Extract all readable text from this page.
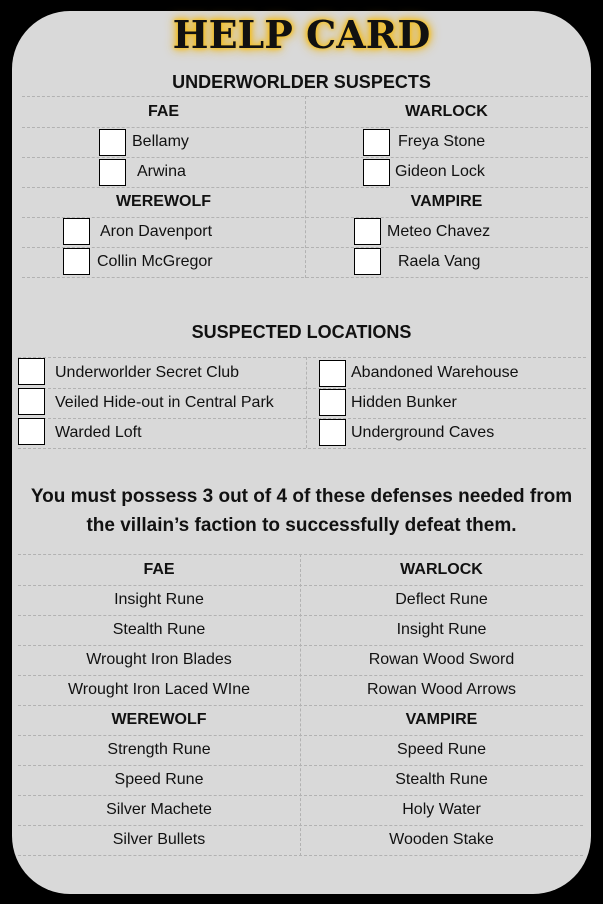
HELP CARD
UNDERWORLDER SUSPECTS
FAE	WARLOCK
Bellamy	Freya Stone
Arwina	Gideon Lock
WEREWOLF	VAMPIRE
Aron Davenport	Meteo Chavez
Collin McGregor	Raela Vang
SUSPECTED LOCATIONS
Underworlder Secret Club	Abandoned Warehouse
Veiled Hide-out in Central Park	Hidden Bunker
Warded Loft	Underground Caves
You must possess 3 out of 4 of these defenses needed from the villain’s faction to successfully defeat them.
FAE	WARLOCK
Insight Rune	Deflect Rune
Stealth Rune	Insight Rune
Wrought Iron Blades	Rowan Wood Sword
Wrought Iron Laced WIne	Rowan Wood Arrows
WEREWOLF	VAMPIRE
Strength Rune	Speed Rune
Speed Rune	Stealth Rune
Silver Machete	Holy Water
Silver Bullets	Wooden Stake
